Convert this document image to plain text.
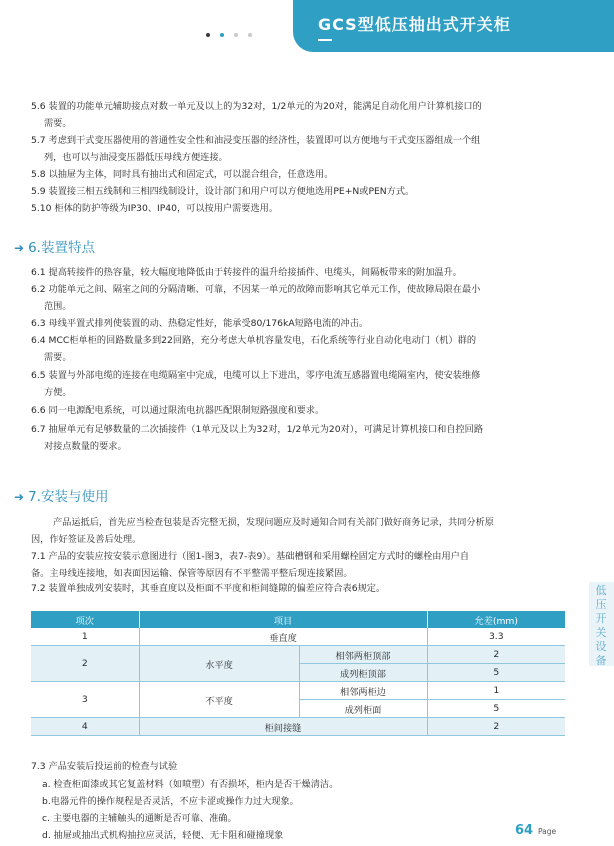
GCS型低压抽出式开关柜
5.6 装置的功能单元辅助接点对数一单元及以上的为32对，1/2单元的为20对，能满足自动化用户计算机接口的
需要。
5.7 考虑到干式变压器使用的普通性安全性和油浸变压器的经济性，装置即可以方便地与干式变压器组成一个组
列，也可以与油浸变压器低压母线方便连接。
5.8 以抽屉为主体，同时具有抽出式和固定式，可以混合组合，任意选用。
5.9 装置接三相五线制和三相四线制设计，设计部门和用户可以方便地选用PE+N或PEN方式。
5.10 柜体的防护等级为IP30、IP40，可以按用户需要选用。
➜ 6.装置特点
6.1 提高转接件的热容量，较大幅度地降低由于转接件的温升给接插件、电缆头，间隔板带来的附加温升。
6.2 功能单元之间、隔室之间的分隔清晰、可靠，不因某一单元的故障而影响其它单元工作，使故障局限在最小
范围。
6.3 母线平置式排列使装置的动、热稳定性好，能承受80/176kA短路电流的冲击。
6.4 MCC柜单柜的回路数量多到22回路，充分考虑大单机容量发电，石化系统等行业自动化电动门（机）群的
需要。
6.5 装置与外部电缆的连接在电缆隔室中完成，电缆可以上下进出，零序电流互感器置电缆隔室内，使安装维修
方便。
6.6 同一电源配电系统，可以通过限流电抗器匹配限制短路强度和要求。
6.7 抽屉单元有足够数量的二次插接件（1单元及以上为32对，1/2单元为20对），可满足计算机接口和自控回路
对接点数量的要求。
➜ 7.安装与使用
产品运抵后，首先应当检查包装是否完整无损，发现问题应及时通知合同有关部门做好商务记录，共同分析原
因，作好签证及善后处理。
7.1 产品的安装应按安装示意图进行（图1-图3，表7-表9）。基础槽钢和采用螺栓固定方式时的螺栓由用户自
备。主母线连接地，如表面因运输、保管等原因有不平整需平整后现连接紧固。
7.2 装置单独成列安装时，其垂直度以及柜面不平度和柜间缝隙的偏差应符合表6规定。
项次	项目		允差(mm)
1	垂直度		3.3
2	水平度	相邻两柜顶部	2
		成列柜顶部	5
3	不平度	相邻两柜边	1
		成列柜面	5
4	柜间接缝		2
7.3 产品安装后投运前的检查与试验
a. 检查柜面漆或其它复盖材料（如喷塑）有否损坏，柜内是否干燥清洁。
b.电器元件的操作规程是否灵活，不应卡涩或操作力过大现象。
c. 主要电器的主辅触头的通断是否可靠、准确。
d. 抽屉或抽出式机构抽拉应灵活，轻便、无卡阻和碰撞现象
低压开关设备
64 Page
